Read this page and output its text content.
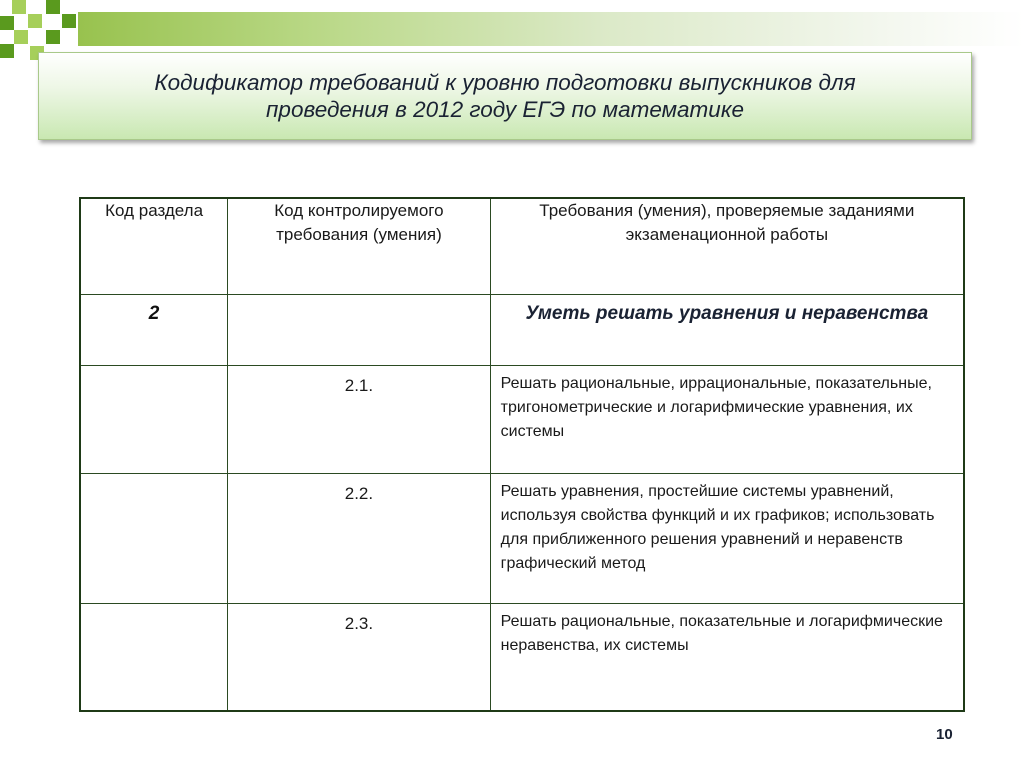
Кодификатор требований к уровню подготовки выпускников для
проведения в 2012 году ЕГЭ по математике
Код раздела	Код контролируемого требования (умения)	Требования (умения), проверяемые заданиями экзаменационной работы
2		Уметь решать уравнения и неравенства
	2.1.	Решать рациональные, иррациональные, показательные, тригонометрические и логарифмические уравнения, их системы
	2.2.	Решать уравнения, простейшие системы уравнений, используя свойства функций и их графиков; использовать для приближенного решения уравнений и неравенств графический метод
	2.3.	Решать рациональные, показательные и логарифмические неравенства, их системы
10
